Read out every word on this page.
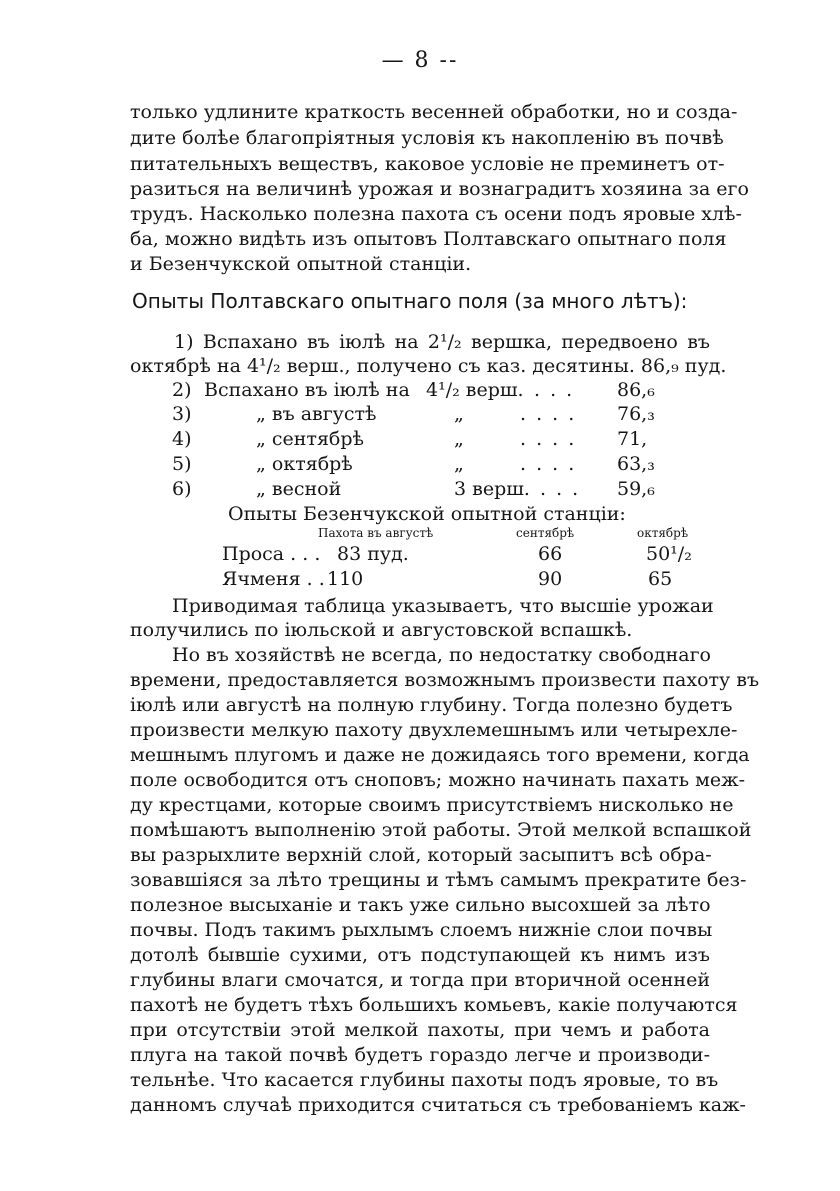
— 8 --
только удлините краткость весенней обработки, но и созда-
дите болѣе благопріятныя условія къ накопленію въ почвѣ
питательныхъ веществъ, каковое условіе не преминетъ от-
разиться на величинѣ урожая и вознаградитъ хозяина за его
трудъ. Насколько полезна пахота съ осени подъ яровые хлѣ-
ба, можно видѣть изъ опытовъ Полтавскаго опытнаго поля
и Безенчукской опытной станціи.
Опыты Полтавскаго опытнаго поля (за много лѣтъ):
1) Вспахано въ іюлѣ на 2¹/₂ вершка, передвоено въ
октябрѣ на 4¹/₂ верш., получено съ каз. десятины. 86,₉ пуд.
2) Вспахано въ іюлѣ на 4¹/₂ верш. . . . 86,₆
3)	„ въ августѣ	„	. . . . 76,₃
4)	„ сентябрѣ	„	. . . . 71,
5)	„ октябрѣ	„	. . . . 63,₃
6)	„ весной	3 верш. . . . 59,₆
Опыты Безенчукской опытной станціи:
Пахота въ августѣ	сентябрѣ	октябрѣ
Проса . . . 83 пуд.	66	50¹/₂
Ячменя . . 110	90	65
Приводимая таблица указываетъ, что высшіе урожаи
получились по іюльской и августовской вспашкѣ.
Но въ хозяйствѣ не всегда, по недостатку свободнаго
времени, предоставляется возможнымъ произвести пахоту въ
іюлѣ или августѣ на полную глубину. Тогда полезно будетъ
произвести мелкую пахоту двухлемешнымъ или четырехле-
мешнымъ плугомъ и даже не дожидаясь того времени, когда
поле освободится отъ сноповъ; можно начинать пахать меж-
ду крестцами, которые своимъ присутствіемъ нисколько не
помѣшаютъ выполненію этой работы. Этой мелкой вспашкой
вы разрыхлите верхній слой, который засыпитъ всѣ обра-
зовавшіяся за лѣто трещины и тѣмъ самымъ прекратите без-
полезное высыханіе и такъ уже сильно высохшей за лѣто
почвы. Подъ такимъ рыхлымъ слоемъ нижніе слои почвы
дотолѣ бывшіе сухими, отъ подступающей къ нимъ изъ
глубины влаги смочатся, и тогда при вторичной осенней
пахотѣ не будетъ тѣхъ большихъ комьевъ, какіе получаются
при отсутствіи этой мелкой пахоты, при чемъ и работа
плуга на такой почвѣ будетъ гораздо легче и производи-
тельнѣе. Что касается глубины пахоты подъ яровые, то въ
данномъ случаѣ приходится считаться съ требованіемъ каж-
